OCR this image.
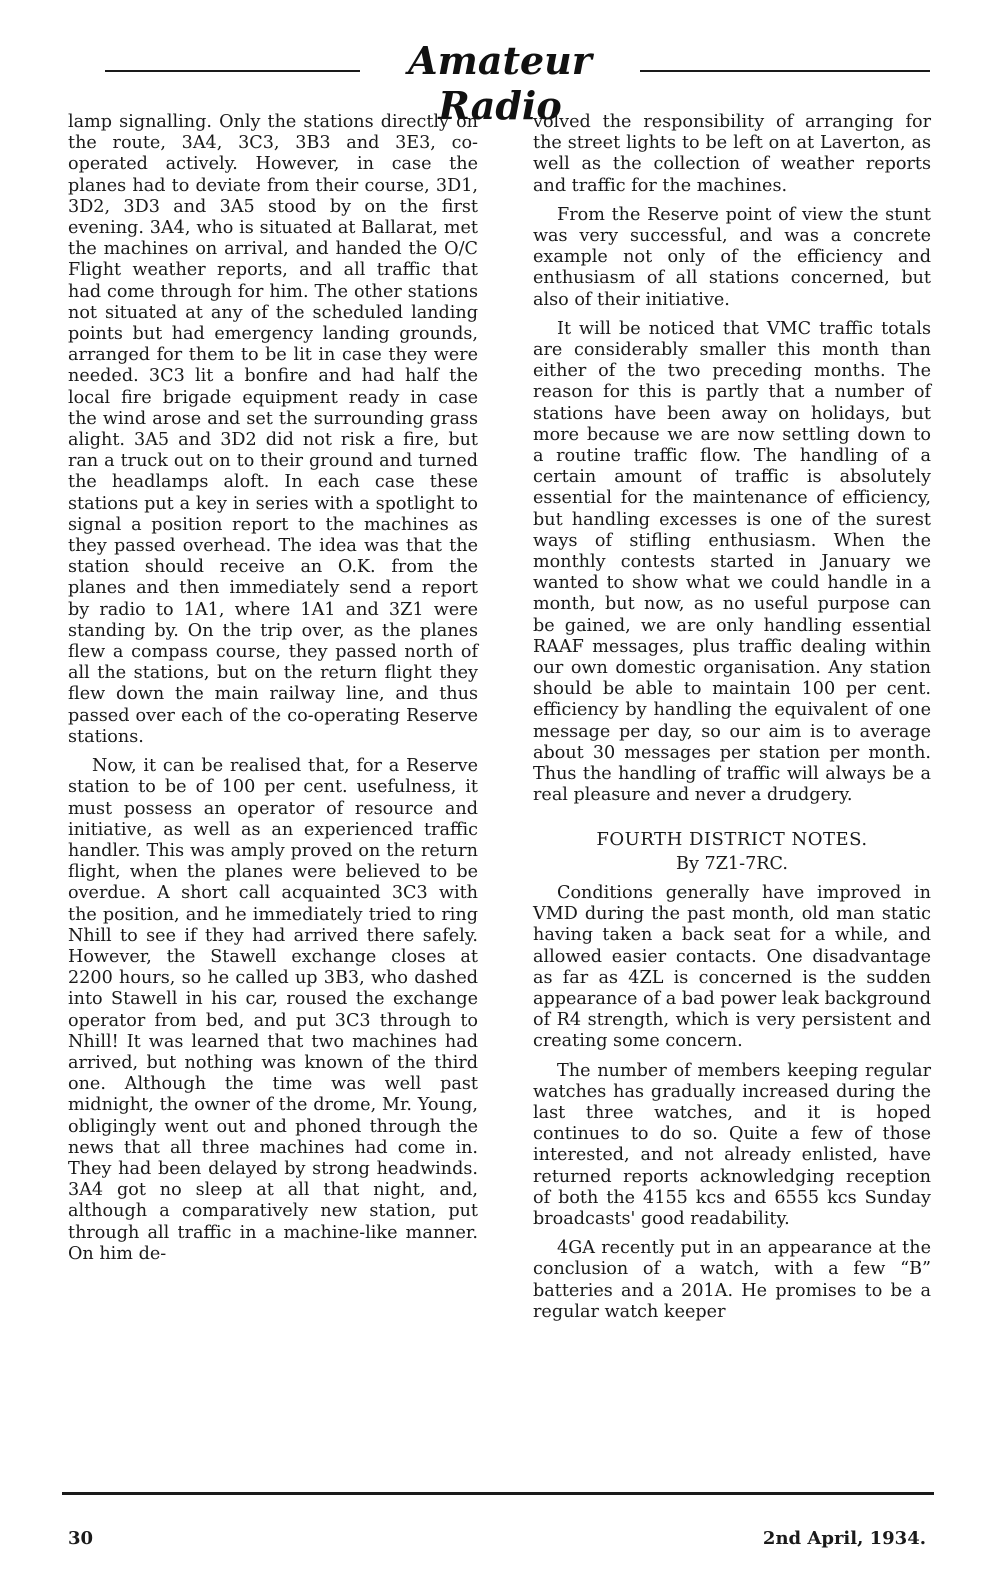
Amateur Radio

lamp signalling. Only the stations directly on the route, 3A4, 3C3, 3B3 and 3E3, co-operated actively. However, in case the planes had to deviate from their course, 3D1, 3D2, 3D3 and 3A5 stood by on the first evening. 3A4, who is situated at Ballarat, met the machines on arrival, and handed the O/C Flight weather reports, and all traffic that had come through for him. The other stations not situated at any of the scheduled landing points but had emergency landing grounds, arranged for them to be lit in case they were needed. 3C3 lit a bonfire and had half the local fire brigade equipment ready in case the wind arose and set the surrounding grass alight. 3A5 and 3D2 did not risk a fire, but ran a truck out on to their ground and turned the headlamps aloft. In each case these stations put a key in series with a spotlight to signal a position report to the machines as they passed overhead. The idea was that the station should receive an O.K. from the planes and then immediately send a report by radio to 1A1, where 1A1 and 3Z1 were standing by. On the trip over, as the planes flew a compass course, they passed north of all the stations, but on the return flight they flew down the main railway line, and thus passed over each of the co-operating Reserve stations.

Now, it can be realised that, for a Reserve station to be of 100 per cent. usefulness, it must possess an operator of resource and initiative, as well as an experienced traffic handler. This was amply proved on the return flight, when the planes were believed to be overdue. A short call acquainted 3C3 with the position, and he immediately tried to ring Nhill to see if they had arrived there safely. However, the Stawell exchange closes at 2200 hours, so he called up 3B3, who dashed into Stawell in his car, roused the exchange operator from bed, and put 3C3 through to Nhill! It was learned that two machines had arrived, but nothing was known of the third one. Although the time was well past midnight, the owner of the drome, Mr. Young, obligingly went out and phoned through the news that all three machines had come in. They had been delayed by strong headwinds. 3A4 got no sleep at all that night, and, although a comparatively new station, put through all traffic in a machine-like manner. On him de-

volved the responsibility of arranging for the street lights to be left on at Laverton, as well as the collection of weather reports and traffic for the machines.

From the Reserve point of view the stunt was very successful, and was a concrete example not only of the efficiency and enthusiasm of all stations concerned, but also of their initiative.

It will be noticed that VMC traffic totals are considerably smaller this month than either of the two preceding months. The reason for this is partly that a number of stations have been away on holidays, but more because we are now settling down to a routine traffic flow. The handling of a certain amount of traffic is absolutely essential for the maintenance of efficiency, but handling excesses is one of the surest ways of stifling enthusiasm. When the monthly contests started in January we wanted to show what we could handle in a month, but now, as no useful purpose can be gained, we are only handling essential RAAF messages, plus traffic dealing within our own domestic organisation. Any station should be able to maintain 100 per cent. efficiency by handling the equivalent of one message per day, so our aim is to average about 30 messages per station per month. Thus the handling of traffic will always be a real pleasure and never a drudgery.

FOURTH DISTRICT NOTES.
By 7Z1-7RC.

Conditions generally have improved in VMD during the past month, old man static having taken a back seat for a while, and allowed easier contacts. One disadvantage as far as 4ZL is concerned is the sudden appearance of a bad power leak background of R4 strength, which is very persistent and creating some concern.

The number of members keeping regular watches has gradually increased during the last three watches, and it is hoped continues to do so. Quite a few of those interested, and not already enlisted, have returned reports acknowledging reception of both the 4155 kcs and 6555 kcs Sunday broadcasts' good readability.

4GA recently put in an appearance at the conclusion of a watch, with a few “B” batteries and a 201A. He promises to be a regular watch keeper

30	2nd April, 1934.
